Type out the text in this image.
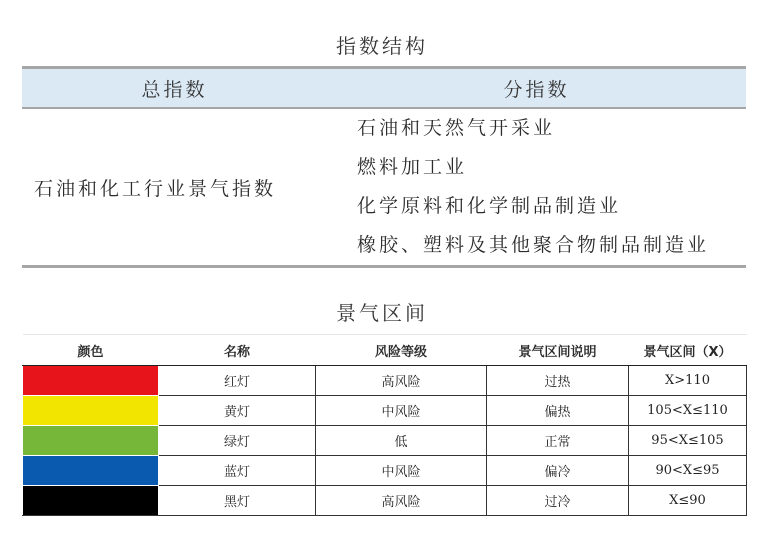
指数结构
总指数	分指数
石油和化工行业景气指数
石油和天然气开采业
燃料加工业
化学原料和化学制品制造业
橡胶、塑料及其他聚合物制品制造业
景气区间
颜色	名称	风险等级	景气区间说明	景气区间（X）
	红灯	高风险	过热	X>110
	黄灯	中风险	偏热	105<X≤110
	绿灯	低	正常	95<X≤105
	蓝灯	中风险	偏冷	90<X≤95
	黑灯	高风险	过冷	X≤90
